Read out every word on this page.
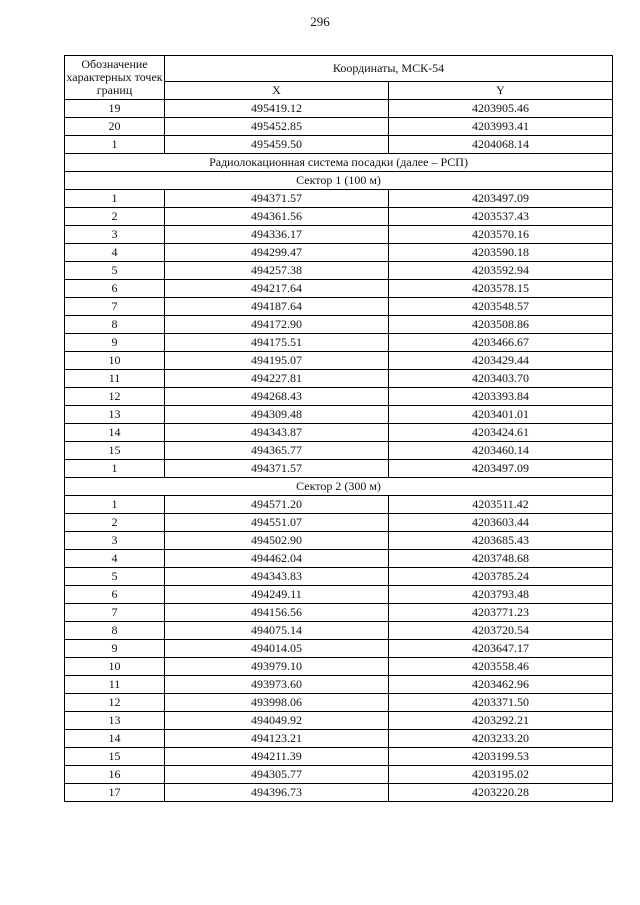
296
Обозначение характерных точек границ	Координаты, МСК-54	
	X	Y
19	495419.12	4203905.46
20	495452.85	4203993.41
1	495459.50	4204068.14
Радиолокационная система посадки (далее – РСП)		
Сектор 1 (100 м)		
1	494371.57	4203497.09
2	494361.56	4203537.43
3	494336.17	4203570.16
4	494299.47	4203590.18
5	494257.38	4203592.94
6	494217.64	4203578.15
7	494187.64	4203548.57
8	494172.90	4203508.86
9	494175.51	4203466.67
10	494195.07	4203429.44
11	494227.81	4203403.70
12	494268.43	4203393.84
13	494309.48	4203401.01
14	494343.87	4203424.61
15	494365.77	4203460.14
1	494371.57	4203497.09
Сектор 2 (300 м)		
1	494571.20	4203511.42
2	494551.07	4203603.44
3	494502.90	4203685.43
4	494462.04	4203748.68
5	494343.83	4203785.24
6	494249.11	4203793.48
7	494156.56	4203771.23
8	494075.14	4203720.54
9	494014.05	4203647.17
10	493979.10	4203558.46
11	493973.60	4203462.96
12	493998.06	4203371.50
13	494049.92	4203292.21
14	494123.21	4203233.20
15	494211.39	4203199.53
16	494305.77	4203195.02
17	494396.73	4203220.28
